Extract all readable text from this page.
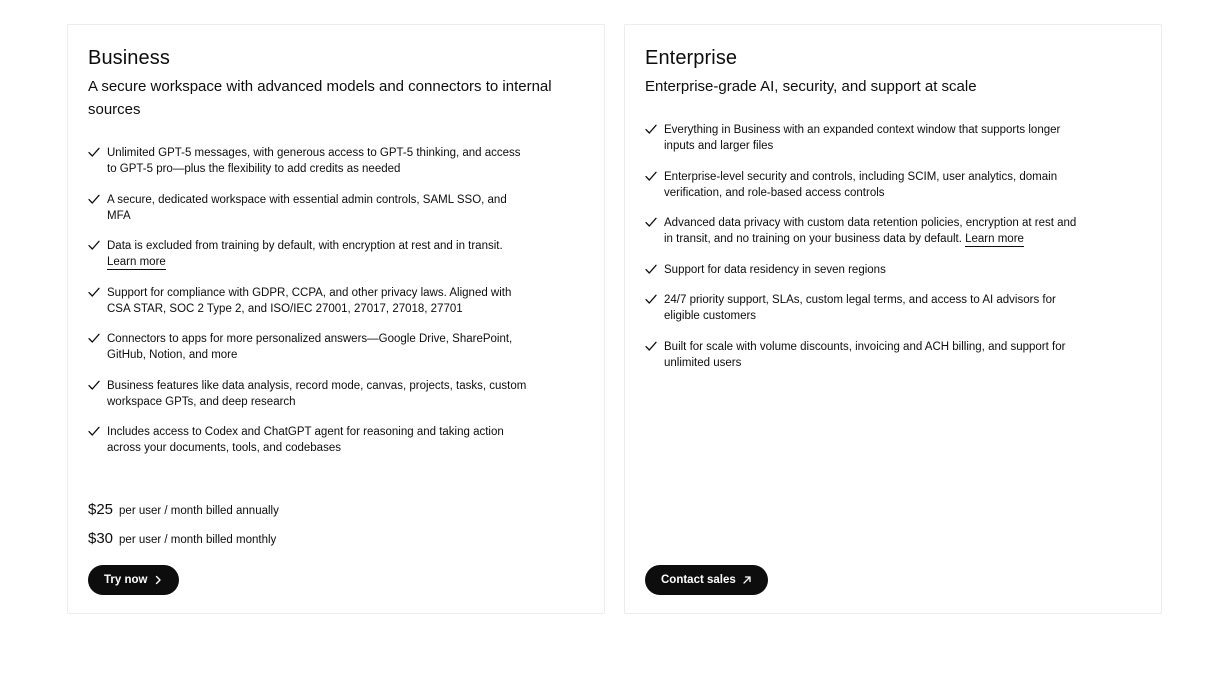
Business

A secure workspace with advanced models and connectors to internal sources

Unlimited GPT-5 messages, with generous access to GPT-5 thinking, and access to GPT-5 pro—plus the flexibility to add credits as needed
A secure, dedicated workspace with essential admin controls, SAML SSO, and MFA
Data is excluded from training by default, with encryption at rest and in transit.
Learn more
Support for compliance with GDPR, CCPA, and other privacy laws. Aligned with CSA STAR, SOC 2 Type 2, and ISO/IEC 27001, 27017, 27018, 27701
Connectors to apps for more personalized answers—Google Drive, SharePoint, GitHub, Notion, and more
Business features like data analysis, record mode, canvas, projects, tasks, custom workspace GPTs, and deep research
Includes access to Codex and ChatGPT agent for reasoning and taking action across your documents, tools, and codebases
$25 per user / month billed annually
$30 per user / month billed monthly
Try now
Enterprise

Enterprise-grade AI, security, and support at scale

Everything in Business with an expanded context window that supports longer inputs and larger files
Enterprise-level security and controls, including SCIM, user analytics, domain verification, and role-based access controls
Advanced data privacy with custom data retention policies, encryption at rest and in transit, and no training on your business data by default. Learn more
Support for data residency in seven regions
24/7 priority support, SLAs, custom legal terms, and access to AI advisors for eligible customers
Built for scale with volume discounts, invoicing and ACH billing, and support for unlimited users
Contact sales
